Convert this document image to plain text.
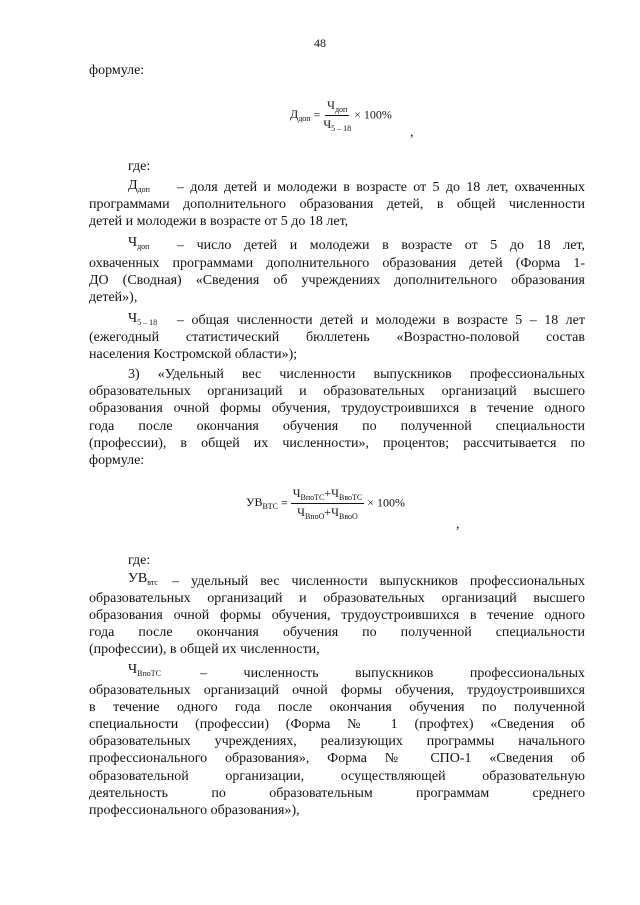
48
формуле:
$Д_{доп} = \frac{Ч_{доп}}{Ч_{5 - 18}} \times 100\%$
,
где:
$Д_{доп}$ – доля детей и молодежи в возрасте от 5 до 18 лет, охваченных
программами дополнительного образования детей, в общей численности
детей и молодежи в возрасте от 5 до 18 лет,
$Ч_{доп}$ – число детей и молодежи в возрасте от 5 до 18 лет,
охваченных программами дополнительного образования детей (Форма 1-
ДО (Сводная) «Сведения об учреждениях дополнительного образования
детей»),
$Ч_{5 - 18}$ – общая численности детей и молодежи в возрасте 5 – 18 лет
(ежегодный статистический бюллетень «Возрастно-половой состав
населения Костромской области»);
3) «Удельный вес численности выпускников профессиональных
образовательных организаций и образовательных организаций высшего
образования очной формы обучения, трудоустроившихся в течение одного
года после окончания обучения по полученной специальности
(профессии), в общей их численности», процентов; рассчитывается по
формуле:
$УВ_{ВТС} = \frac{Ч_{ВпоТС}+Ч_{ВвоТС}}{Ч_{ВпоО}+Ч_{ВвоО}} \times 100\%$
,
где:
$УВ_{втс}$ – удельный вес численности выпускников профессиональных
образовательных организаций и образовательных организаций высшего
образования очной формы обучения, трудоустроившихся в течение одного
года после окончания обучения по полученной специальности
(профессии), в общей их численности,
$Ч_{ВпоТС}$	– численность выпускников профессиональных
образовательных организаций очной формы обучения, трудоустроившихся
в течение одного года после окончания обучения по полученной
специальности (профессии) (Форма № 1 (профтех) «Сведения об
образовательных учреждениях, реализующих программы начального
профессионального образования», Форма № СПО-1 «Сведения об
образовательной организации, осуществляющей образовательную
деятельность по образовательным программам среднего
профессионального образования»),
